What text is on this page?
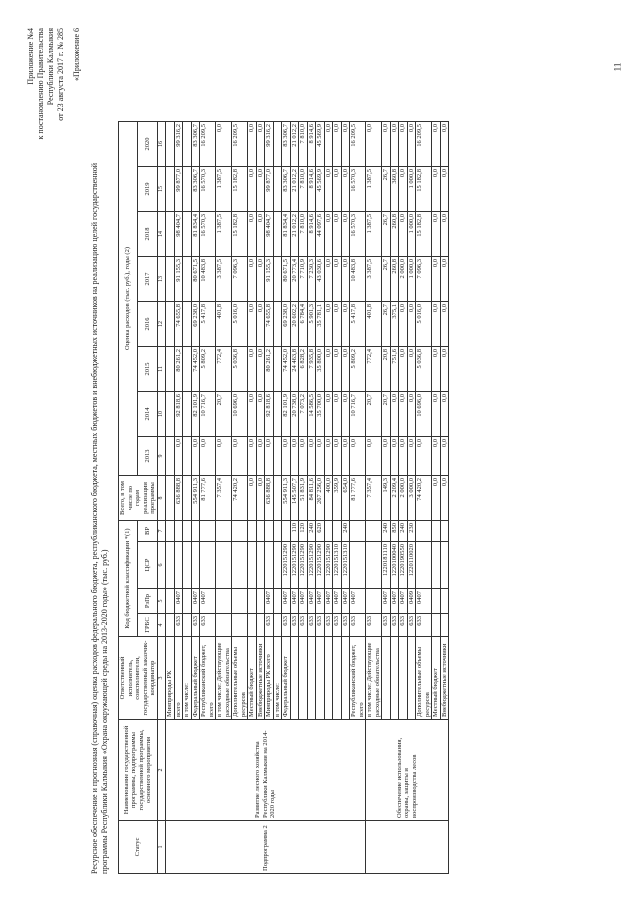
11
Приложение №4 к постановлению Правительства Республики Калмыкия от 23 августа 2017 г. № 285 «Приложение 6
Ресурсное обеспечение и прогнозная (справочная) оценка расходов федерального бюджета, республиканского бюджета, местных бюджетов и внебюджетных источников на реализацию целей государственной программы Республики Калмыкия «Охрана окружающей среды на 2013-2020 годы» (тыс. руб.)	Статус	Наименование государственной программы, подпрограммы государственной программы, основного мероприятия	Ответственный исполнитель, соисполнители, государственный заказчик-координатор	Код бюджетной классификации *(1)				Всего, в том числе по годам реализации программы	Оценка расходов (тыс. руб.), годы (2)							
			ГРБС	РзПр	ЦСР	ВР		2013	2014	2015	2016	2017	2018	2019	2020
1	2	3	4	5	6	7	8	9	10	11	12	13	14	15	16
Подпрограмма 2	Развитие лесного хозяйства Республики Калмыкия на 2014-2020 годы	Минприроды РК													
		всего	633	0407			636 888,8	0,0	92 818,6	80 261,2	74 655,8	91 155,3	98 404,7	99 877,0	99 316,2
		в том числе:													
		Федеральный бюджет	633	0407			554 911,3	0,0	82 101,9	74 452,0	69 238,0	80 671,5	81 834,4	83 306,7	83 306,7
		Республиканский бюджет, всего	633	0407			81 777,6	0,0	10 716,7	5 809,2	5 417,8	10 483,8	16 570,3	16 570,3	16 209,5
		в том числе: Действующие расходные обязательства					7 357,4	0,0	20,7	772,4	401,8	3 387,5	1 387,5	1 387,5	0,0
		Дополнительные объемы ресурсов					74 420,2	0,0	10 696,0	5 036,8	5 016,0	7 096,3	15 182,8	15 182,8	16 209,5
		Местный бюджет					0,0	0,0	0,0	0,0	0,0	0,0	0,0	0,0	0,0
		Внебюджетные источники					0,0	0,0	0,0	0,0	0,0	0,0	0,0	0,0	0,0
		Минприроды РК всего	633	0407			636 888,8	0,0	92 818,6	80 261,2	74 655,8	91 155,3	98 404,7	99 877,0	99 316,2
		в том числе:													
		Федеральный бюджет	633	0407	1220151290		554 911,3	0,0	82 101,9	74 452,0	69 238,0	80 671,5	81 834,4	83 306,7	83 306,7
			633	0407	1220151290	110	145 507,7	0,0	20 738,0	24 463,8	20 602,2	20 773,4	21 012,2	21 012,2	21 012,2
			633	0407	1220151290	120	51 831,9	0,0	7 073,2	6 828,2	6 784,4	7 710,9	7 810,0	7 810,0	7 810,0
			633	0407	1220151290	240	84 811,6	0,0	14 586,5	7 935,8	5 901,3	7 230,3	8 914,6	8 914,6	8 914,6
			633	0407	1220151290	620	267 256,0	0,0	35 700,0	35 800,0	35 781,1	43 030,6	44 097,6	45 569,9	45 569,9
			633	0407	1220151290		400,0	0,0	0,0	0,0	0,0	0,0	0,0	0,0	0,0
			633	0407	1220151310		359,9	0,0	0,0	0,0	0,0	0,0	0,0	0,0	0,0
			633	0407	1220151310	240	654,0	0,0	0,0	0,0	0,0	0,0	0,0	0,0	0,0
		Республиканский бюджет, всего	633	0407			81 777,6	0,0	10 716,7	5 809,2	5 417,8	10 483,8	16 570,3	16 570,3	16 209,5
	Обеспечение использования, охраны, защиты и воспроизводства лесов	в том числе: Действующие расходные обязательства	633				7 357,4	0,0	20,7	772,4	401,8	3 387,5	1 387,5	1 387,5	0,0
			633	0407	1220181110	240	149,3	0,0	20,7	20,8	26,7	26,7	26,7	26,7	0,0
			633	0407	1220100040	850	2 209,4	0,0	0,0	751,6	375,1	260,8	260,8	360,8	0,0
			633	0407	1220190550	240	2 000,0	0,0	0,0	0,0	0,0	2 000,0	0,0	0,0	0,0
			633	0409	1220110020	230	3 000,0	0,0	0,0	0,0	0,0	1 000,0	1 000,0	1 000,0	0,0
		Дополнительные объемы ресурсов	633	0407			74 420,2	0,0	10 696,0	5 036,8	5 016,0	7 096,3	15 182,8	15 182,8	16 209,5
		Местный бюджет					0,0	0,0	0,0	0,0	0,0	0,0	0,0	0,0	0,0
		Внебюджетные источники					0,0	0,0	0,0	0,0	0,0	0,0	0,0	0,0	0,0
